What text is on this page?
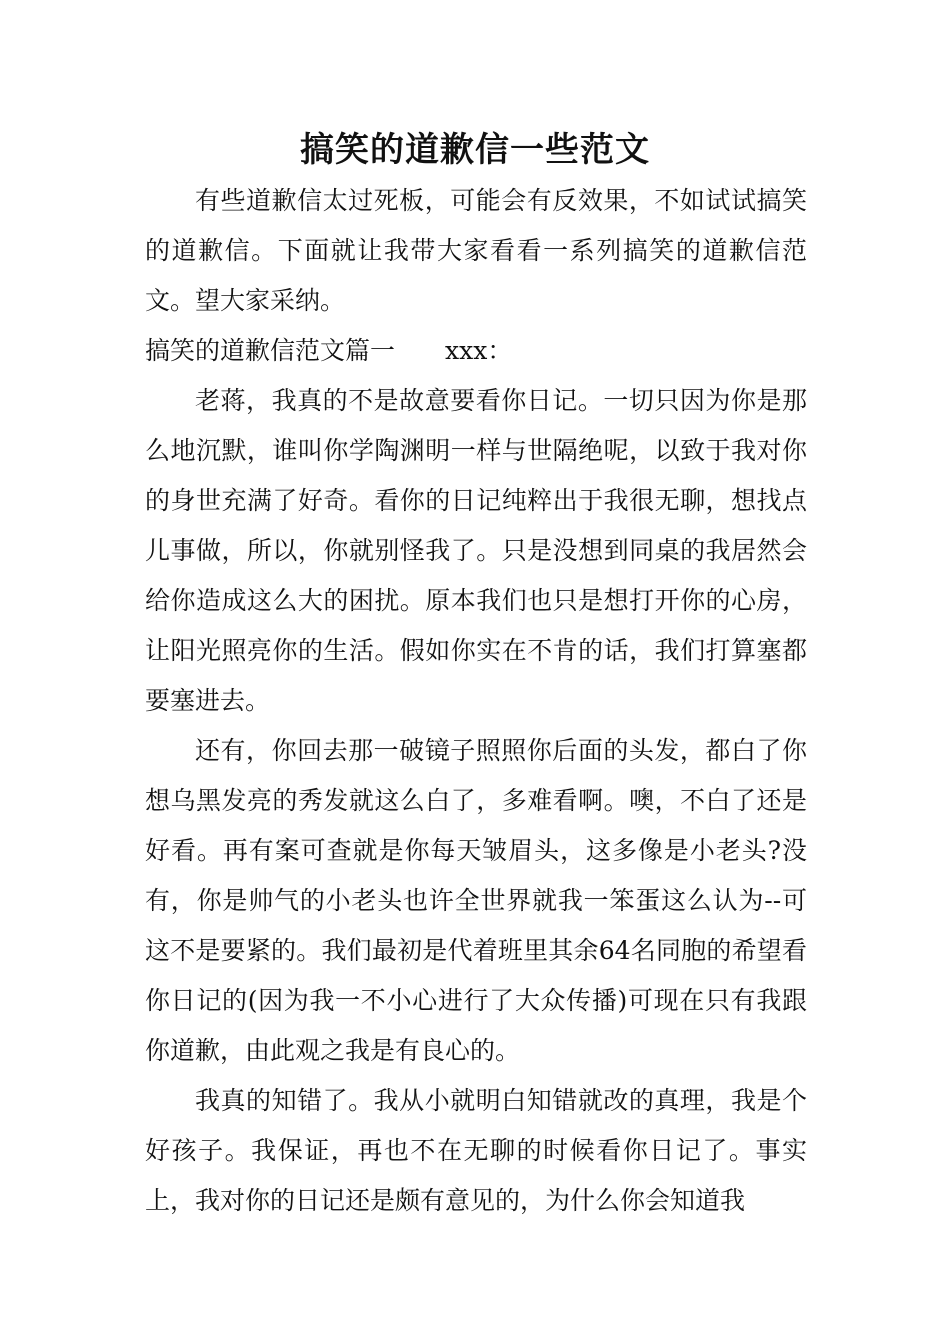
搞笑的道歉信一些范文

有些道歉信太过死板，可能会有反效果，不如试试搞笑的道歉信。下面就让我带大家看看一系列搞笑的道歉信范文。望大家采纳。

搞笑的道歉信范文篇一 xxx：

老蒋，我真的不是故意要看你日记。一切只因为你是那么地沉默，谁叫你学陶渊明一样与世隔绝呢，以致于我对你的身世充满了好奇。看你的日记纯粹出于我很无聊，想找点儿事做，所以，你就别怪我了。只是没想到同桌的我居然会给你造成这么大的困扰。原本我们也只是想打开你的心房，让阳光照亮你的生活。假如你实在不肯的话，我们打算塞都要塞进去。

还有，你回去那一破镜子照照你后面的头发，都白了你想乌黑发亮的秀发就这么白了，多难看啊。噢，不白了还是好看。再有案可查就是你每天皱眉头，这多像是小老头?没有，你是帅气的小老头也许全世界就我一笨蛋这么认为--可这不是要紧的。我们最初是代着班里其余64名同胞的希望看你日记的(因为我一不小心进行了大众传播)可现在只有我跟你道歉，由此观之我是有良心的。

我真的知错了。我从小就明白知错就改的真理，我是个好孩子。我保证，再也不在无聊的时候看你日记了。事实上，我对你的日记还是颇有意见的，为什么你会知道我
